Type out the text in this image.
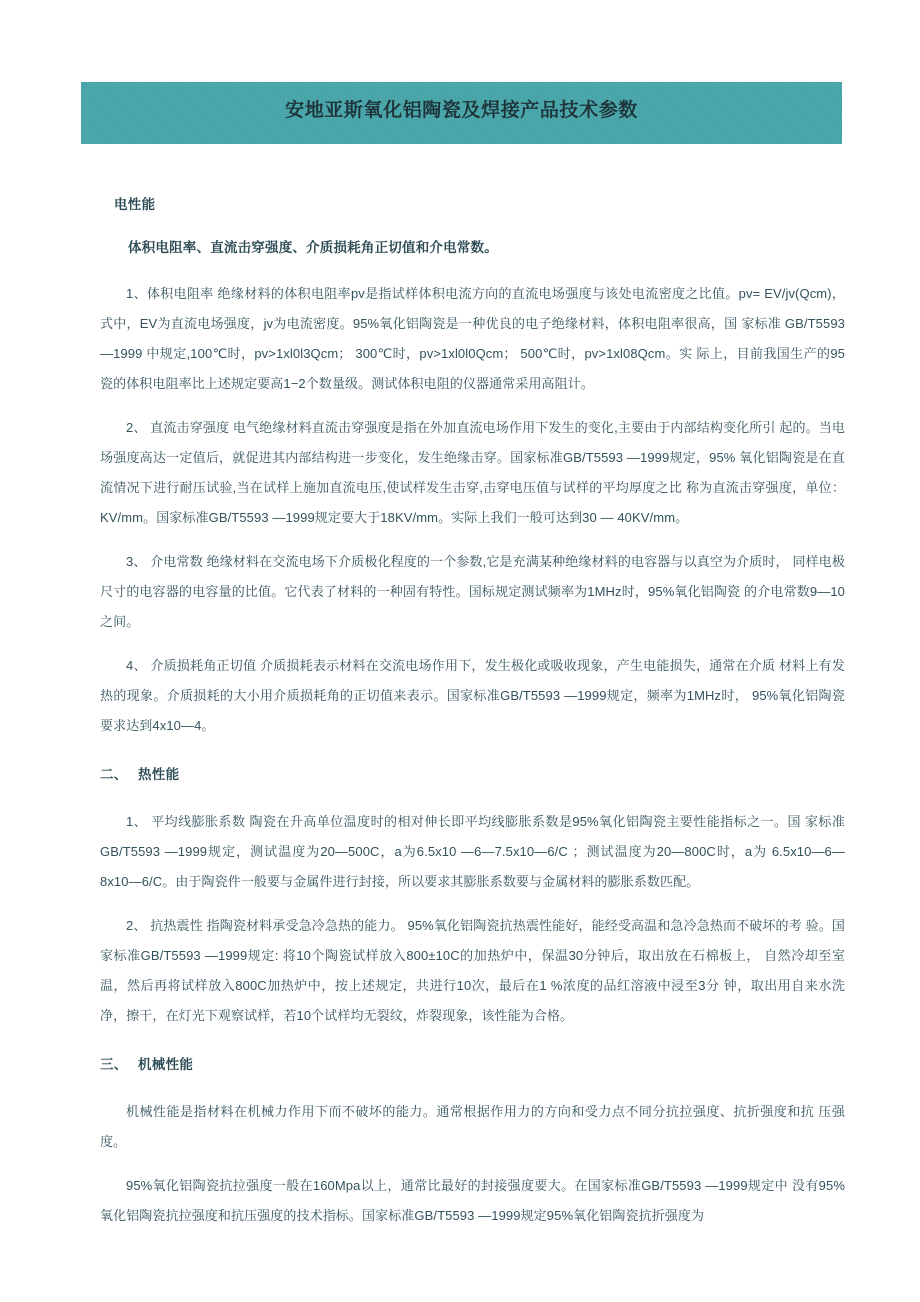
安地亚斯氧化铝陶瓷及焊接产品技术参数
电性能
体积电阻率、直流击穿强度、介质损耗角正切值和介电常数。

1、体积电阻率 绝缘材料的体积电阻率pv是指试样体积电流方向的直流电场强度与该处电流密度之比值。pv= EV/jv(Qcm)，式中，EV为直流电场强度，jv为电流密度。95%氧化铝陶瓷是一种优良的电子绝缘材料，体积电阻率很高，国 家标准 GB/T5593 —1999 中规定,100℃时，pv>1xl0l3Qcm； 300℃时，pv>1xl0l0Qcm； 500℃时，pv>1xl08Qcm。实 际上，目前我国生产的95瓷的体积电阻率比上述规定要高1−2个数量级。测试体积电阻的仪器通常采用高阻计。

2、 直流击穿强度 电气绝缘材料直流击穿强度是指在外加直流电场作用下发生的变化,主要由于内部结构变化所引 起的。当电场强度高达一定值后，就促进其内部结构进一步变化，发生绝缘击穿。国家标准GB/T5593 —1999规定，95% 氧化铝陶瓷是在直流情况下进行耐压试验,当在试样上施加直流电压,使试样发生击穿,击穿电压值与试样的平均厚度之比 称为直流击穿强度，单位：KV/mm。国家标准GB/T5593 —1999规定要大于18KV/mm。实际上我们一般可达到30 — 40KV/mm。

3、 介电常数 绝缘材料在交流电场下介质极化程度的一个参数,它是充满某种绝缘材料的电容器与以真空为介质时， 同样电极尺寸的电容器的电容量的比值。它代表了材料的一种固有特性。国标规定测试频率为1MHz时，95%氧化铝陶瓷 的介电常数9—10之间。

4、 介质损耗角正切值 介质损耗表示材料在交流电场作用下，发生极化或吸收现象，产生电能损失，通常在介质 材料上有发热的现象。介质损耗的大小用介质损耗角的正切值来表示。国家标准GB/T5593 —1999规定，频率为1MHz时， 95%氧化铝陶瓷要求达到4x10—4。

二、 热性能

1、 平均线膨胀系数 陶瓷在升高单位温度时的相对伸长即平均线膨胀系数是95%氧化铝陶瓷主要性能指标之一。国 家标准GB/T5593 —1999规定，测试温度为20—500C，a为6.5x10 —6—7.5x10—6/C ；测试温度为20—800C时，a为 6.5x10—6—8x10—6/C。由于陶瓷件一般要与金属件进行封接，所以要求其膨胀系数要与金属材料的膨胀系数匹配。

2、 抗热震性 指陶瓷材料承受急冷急热的能力。 95%氧化铝陶瓷抗热震性能好，能经受高温和急冷急热而不破坏的考 验。国家标准GB/T5593 —1999规定: 将10个陶瓷试样放入800±10C的加热炉中，保温30分钟后，取出放在石棉板上， 自然冷却至室温，然后再将试样放入800C加热炉中，按上述规定，共进行10次，最后在1 %浓度的品红溶液中浸至3分 钟，取出用自来水洗净，擦干，在灯光下观察试样，若10个试样均无裂纹，炸裂现象，该性能为合格。

三、 机械性能

机械性能是指材料在机械力作用下而不破坏的能力。通常根据作用力的方向和受力点不同分抗拉强度、抗折强度和抗 压强度。

95%氧化铝陶瓷抗拉强度一般在160Mpa以上，通常比最好的封接强度要大。在国家标准GB/T5593 —1999规定中 没有95%氧化铝陶瓷抗拉强度和抗压强度的技术指标。国家标准GB/T5593 —1999规定95%氧化铝陶瓷抗折强度为
